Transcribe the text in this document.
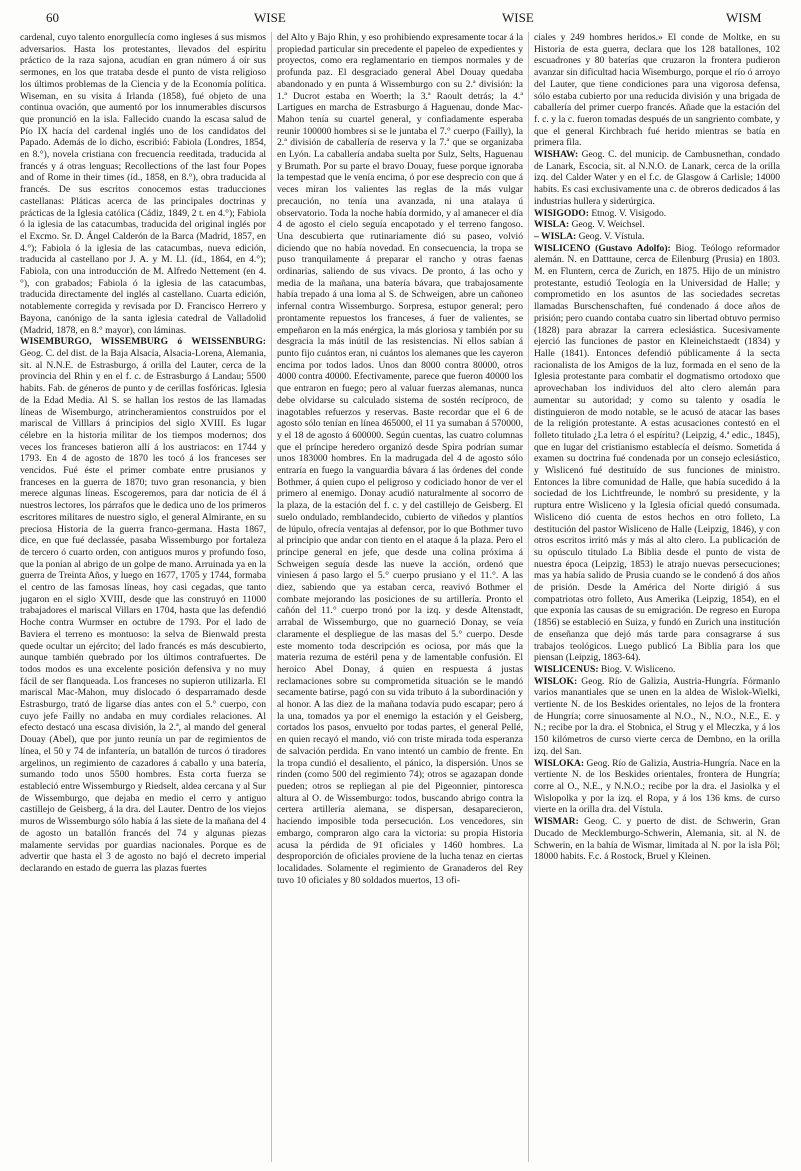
60	WISE	WISE	WISM

cardenal, cuyo talento enorgullecía como ingleses á sus mismos adversarios. Hasta los protestantes, llevados del espíritu práctico de la raza sajona, acudían en gran número á oír sus sermones, en los que trataba desde el punto de vista religioso los últimos problemas de la Ciencia y de la Economía política. Wiseman, en su visita á Irlanda (1858), fué objeto de una continua ovación, que aumentó por los innumerables discursos que pronunció en la isla. Fallecido cuando la escasa salud de Pío IX hacía del cardenal inglés uno de los candidatos del Papado. Además de lo dicho, escribió: Fabiola (Londres, 1854, en 8.°), novela cristiana con frecuencia reeditada, traducida al francés y á otras lenguas; Recollections of the last four Popes and of Rome in their times (íd., 1858, en 8.°), obra traducida al francés. De sus escritos conocemos estas traducciones castellanas: Pláticas acerca de las principales doctrinas y prácticas de la Iglesia católica (Cádiz, 1849, 2 t. en 4.°); Fabiola ó la iglesia de las catacumbas, traducida del original inglés por el Excmo. Sr. D. Ángel Calderón de la Barca (Madrid, 1857, en 4.°); Fabiola ó la iglesia de las catacumbas, nueva edición, traducida al castellano por J. A. y M. Ll. (íd., 1864, en 4.°); Fabiola, con una introducción de M. Alfredo Nettement (en 4.°), con grabados; Fabiola ó la iglesia de las catacumbas, traducida directamente del inglés al castellano. Cuarta edición, notablemente corregida y revisada por D. Francisco Herrero y Bayona, canónigo de la santa iglesia catedral de Valladolid (Madrid, 1878, en 8.° mayor), con láminas.

WISEMBURGO, WISSEMBURG ó WEISSENBURG: Geog. C. del dist. de la Baja Alsacia, Alsacia-Lorena, Alemania, sit. al N.N.E. de Estrasburgo, á orilla del Lauter, cerca de la provincia del Rhin y en el f. c. de Estrasburgo á Landau; 5500 habits. Fab. de géneros de punto y de cerillas fosfóricas. Iglesia de la Edad Media. Al S. se hallan los restos de las llamadas líneas de Wisemburgo, atrincheramientos construídos por el mariscal de Villlars á principios del siglo XVIII. Es lugar célebre en la historia militar de los tiempos modernos; dos veces los franceses batieron allí á los austriacos: en 1744 y 1793. En 4 de agosto de 1870 les tocó á los franceses ser vencidos. Fué éste el primer combate entre prusianos y franceses en la guerra de 1870; tuvo gran resonancia, y bien merece algunas líneas. Escogeremos, para dar noticia de él á nuestros lectores, los párrafos que le dedica uno de los primeros escritores militares de nuestro siglo, el general Almirante, en su preciosa Historia de la guerra franco-germana. Hasta 1867, dice, en que fué declassée, pasaba Wissemburgo por fortaleza de tercero ó cuarto orden, con antiguos muros y profundo foso, que la ponían al abrigo de un golpe de mano. Arruinada ya en la guerra de Treinta Años, y luego en 1677, 1705 y 1744, formaba el centro de las famosas líneas, hoy casi cegadas, que tanto jugaron en el siglo XVIII, desde que las construyó en 11000 trabajadores el mariscal Villars en 1704, hasta que las defendió Hoche contra Wurmser en octubre de 1793. Por el lado de Baviera el terreno es montuoso: la selva de Bienwald presta quede ocultar un ejército; del lado francés es más descubierto, aunque también quebrado por los últimos contrafuertes. De todos modos es una excelente posición defensiva y no muy fácil de ser flanqueada. Los franceses no supieron utilizarla. El mariscal Mac-Mahon, muy dislocado ó desparramado desde Estrasburgo, trató de ligarse días antes con el 5.° cuerpo, con cuyo jefe Failly no andaba en muy cordiales relaciones. Al efecto destacó una escasa división, la 2.ª, al mando del general Douay (Abel), que por junto reunía un par de regimientos de línea, el 50 y 74 de infantería, un batallón de turcos ó tiradores argelinos, un regimiento de cazadores á caballo y una batería, sumando todo unos 5500 hombres. Esta corta fuerza se estableció entre Wissemburgo y Riedselt, aldea cercana y al Sur de Wissemburgo, que dejaba en medio el cerro y antiguo castillejo de Geisberg, á la dra. del Lauter. Dentro de los viejos muros de Wissemburgo sólo había á las siete de la mañana del 4 de agosto un batallón francés del 74 y algunas piezas malamente servidas por guardias nacionales. Porque es de advertir que hasta el 3 de agosto no bajó el decreto imperial declarando en estado de guerra las plazas fuertes

del Alto y Bajo Rhin, y eso prohibiendo expresamente tocar á la propiedad particular sin precedente el papeleo de expedientes y proyectos, como era reglamentario en tiempos normales y de profunda paz. El desgraciado general Abel Douay quedaba abandonado y en punta á Wissemburgo con su 2.ª división: la 1.ª Ducrot estaba en Woerth; la 3.ª Raoult detrás; la 4.ª Lartigues en marcha de Estrasburgo á Haguenau, donde Mac-Mahon tenía su cuartel general, y confiadamente esperaba reunir 100000 hombres si se le juntaba el 7.° cuerpo (Failly), la 2.ª división de caballería de reserva y la 7.ª que se organizaba en Lyón. La caballería andaba suelta por Sulz, Selts, Haguenau y Brumath. Por su parte el bravo Douay, fuese porque ignoraba la tempestad que le venía encima, ó por ese desprecio con que á veces miran los valientes las reglas de la más vulgar precaución, no tenía una avanzada, ni una atalaya ú observatorio. Toda la noche había dormido, y al amanecer el día 4 de agosto el cielo seguía encapotado y el terreno fangoso. Una descubierta que rutinariamente dió su paseo, volvió diciendo que no había novedad. En consecuencia, la tropa se puso tranquilamente á preparar el rancho y otras faenas ordinarias, saliendo de sus vivacs. De pronto, á las ocho y media de la mañana, una batería bávara, que trabajosamente había trepado á una loma al S. de Schweigen, abre un cañoneo infernal contra Wissemburgo. Sorpresa, estupor general; pero prontamente repuestos los franceses, á fuer de valientes, se empeñaron en la más enérgica, la más gloriosa y también por su desgracia la más inútil de las resistencias. Ni ellos sabían á punto fijo cuántos eran, ni cuántos los alemanes que les cayeron encima por todos lados. Unos dan 8000 contra 80000, otros 4000 contra 40000. Efectivamente, parece que fueron 40000 los que entraron en fuego; pero al valuar fuerzas alemanas, nunca debe olvidarse su calculado sistema de sostén recíproco, de inagotables refuerzos y reservas. Baste recordar que el 6 de agosto sólo tenían en línea 465000, el 11 ya sumaban á 570000, y el 18 de agosto á 600000. Según cuentas, las cuatro columnas que el príncipe heredero organizó desde Spira podrían sumar unos 183000 hombres. En la madrugada del 4 de agosto sólo entraría en fuego la vanguardia bávara á las órdenes del conde Bothmer, á quien cupo el peligroso y codiciado honor de ver el primero al enemigo. Donay acudió naturalmente al socorro de la plaza, de la estación del f. c. y del castillejo de Geisberg. El suelo ondulado, remblandecido, cubierto de viñedos y plantíos de lúpulo, ofrecía ventajas al defensor, por lo que Bothmer tuvo al principio que andar con tiento en el ataque á la plaza. Pero el príncipe general en jefe, que desde una colina próxima á Schweigen seguía desde las nueve la acción, ordenó que viniesen á paso largo el 5.° cuerpo prusiano y el 11.°. A las diez, sabiendo que ya estaban cerca, reavivó Bothmer el combate mejorando las posiciones de su artillería. Pronto el cañón del 11.° cuerpo tronó por la izq. y desde Altenstadt, arrabal de Wissemburgo, que no guarneció Donay, se veía claramente el despliegue de las masas del 5.° cuerpo. Desde este momento toda descripción es ociosa, por más que la materia rezuma de estéril pena y de lamentable confusión. El heroico Abel Donay, á quien en respuesta á justas reclamaciones sobre su comprometida situación se le mandó secamente batirse, pagó con su vida tributo á la subordinación y al honor. A las diez de la mañana todavía pudo escapar; pero á la una, tomados ya por el enemigo la estación y el Geisberg, cortados los pasos, envuelto por todas partes, el general Pellé, en quien recayó el mando, vió con triste mirada toda esperanza de salvación perdida. En vano intentó un cambio de frente. En la tropa cundió el desaliento, el pánico, la dispersión. Unos se rinden (como 500 del regimiento 74); otros se agazapan donde pueden; otros se repliegan al pie del Pigeonnier, pintoresca altura al O. de Wissemburgo: todos, buscando abrigo contra la certera artillería alemana, se dispersan, desaparecieron, haciendo imposible toda persecución. Los vencedores, sin embargo, compraron algo cara la victoria: su propia Historia acusa la pérdida de 91 oficiales y 1460 hombres. La desproporción de oficiales proviene de la lucha tenaz en ciertas localidades. Solamente el regimiento de Granaderos del Rey tuvo 10 oficiales y 80 soldados muertos, 13 ofi-

ciales y 249 hombres heridos.» El conde de Moltke, en su Historia de esta guerra, declara que los 128 batallones, 102 escuadrones y 80 baterías que cruzaron la frontera pudieron avanzar sin dificultad hacia Wisemburgo, porque el río ó arroyo del Lauter, que tiene condiciones para una vigorosa defensa, sólo estaba cubierto por una reducida división y una brigada de caballería del primer cuerpo francés. Añade que la estación del f. c. y la c. fueron tomadas después de un sangriento combate, y que el general Kirchbrach fué herido mientras se batía en primera fila.

WISHAW: Geog. C. del municip. de Cambusnethan, condado de Lanark, Escocia, sit. al N.N.O. de Lanark, cerca de la orilla izq. del Calder Water y en el f.c. de Glasgow á Carlisle; 14000 habits. Es casi exclusivamente una c. de obreros dedicados á las industrias hullera y siderúrgica.

WISIGODO: Etnog. V. Visigodo.

WISLA: Geog. V. Weichsel.

– WISLA: Geog. V. Vístula.

WISLICENO (Gustavo Adolfo): Biog. Teólogo reformador alemán. N. en Datttaune, cerca de Eilenburg (Prusia) en 1803. M. en Fluntern, cerca de Zurich, en 1875. Hijo de un ministro protestante, estudió Teología en la Universidad de Halle; y comprometido en los asuntos de las sociedades secretas llamadas Burschenschaften, fué condenado á doce años de prisión; pero cuando contaba cuatro sin libertad obtuvo permiso (1828) para abrazar la carrera eclesiástica. Sucesivamente ejerció las funciones de pastor en Kleineichstaedt (1834) y Halle (1841). Entonces defendió públicamente á la secta racionalista de los Amigos de la luz, formada en el seno de la Iglesia protestante para combatir el dogmatismo ortodoxo que aprovechaban los individuos del alto clero alemán para aumentar su autoridad; y como su talento y osadía le distinguieron de modo notable, se le acusó de atacar las bases de la religión protestante. A estas acusaciones contestó en el folleto titulado ¿La letra ó el espíritu? (Leipzig, 4.ª edic., 1845), que en lugar del cristianismo establecía el deísmo. Sometida á examen su doctrina fué condenada por un consejo eclesiástico, y Wislicenó fué destituído de sus funciones de ministro. Entonces la libre comunidad de Halle, que había sucedido á la sociedad de los Lichtfreunde, le nombró su presidente, y la ruptura entre Wisliceno y la Iglesia oficial quedó consumada. Wisliceno dió cuenta de estos hechos en otro folleto, La destitución del pastor Wisliceno de Halle (Leipzig, 1846), y con otros escritos irritó más y más al alto clero. La publicación de su opúsculo titulado La Biblia desde el punto de vista de nuestra época (Leipzig, 1853) le atrajo nuevas persecuciones; mas ya había salido de Prusia cuando se le condenó á dos años de prisión. Desde la América del Norte dirigió á sus compatriotas otro folleto, Aus Amerika (Leipzig, 1854), en el que exponía las causas de su emigración. De regreso en Europa (1856) se estableció en Suiza, y fundó en Zurich una institución de enseñanza que dejó más tarde para consagrarse á sus trabajos teológicos. Luego publicó La Biblia para los que piensan (Leipzig, 1863-64).

WISLICENUS: Biog. V. Wisliceno.

WISLOK: Geog. Río de Galizia, Austria-Hungría. Fórmanlo varios manantiales que se unen en la aldea de Wislok-Wielki, vertiente N. de los Beskides orientales, no lejos de la frontera de Hungría; corre sinuosamente al N.O., N., N.O., N.E., E. y N.; recibe por la dra. el Stobnica, el Strug y el Mleczka, y á los 150 kilómetros de curso vierte cerca de Dembno, en la orilla izq. del San.

WISLOKA: Geog. Río de Galizia, Austria-Hungría. Nace en la vertiente N. de los Beskides orientales, frontera de Hungría; corre al O., N.E., y N.N.O.; recibe por la dra. el Jasiolka y el Wislopolka y por la izq. el Ropa, y á los 136 kms. de curso vierte en la orilla dra. del Vístula.

WISMAR: Geog. C. y puerto de dist. de Schwerin, Gran Ducado de Mecklemburgo-Schwerin, Alemania, sit. al N. de Schwerin, en la bahía de Wismar, limitada al N. por la isla Pöl; 18000 habits. F.c. á Rostock, Bruel y Kleinen.
